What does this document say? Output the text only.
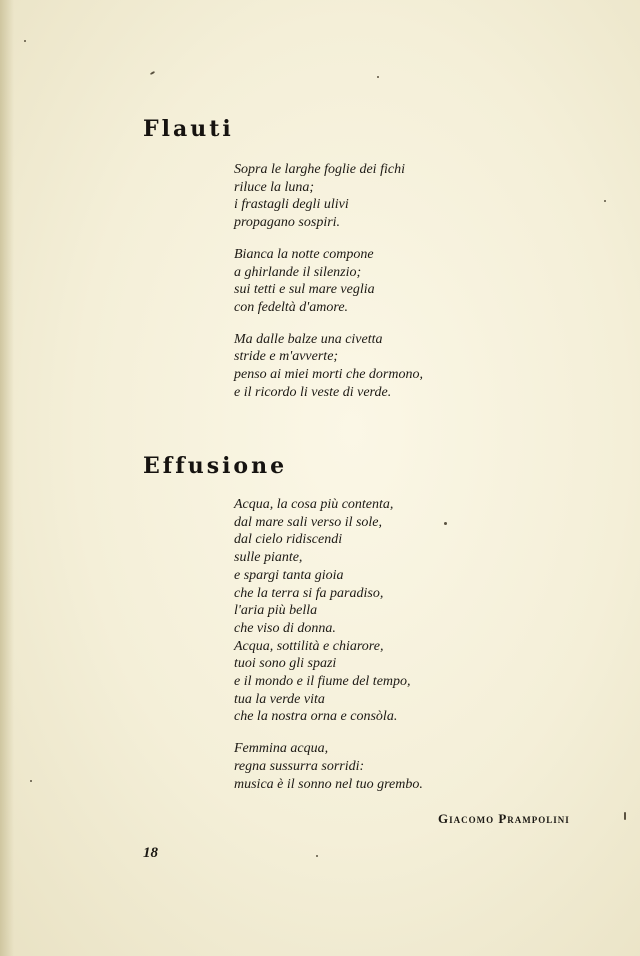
Flauti
Sopra le larghe foglie dei fichi
riluce la luna;
i frastagli degli ulivi
propagano sospiri.
Bianca la notte compone
a ghirlande il silenzio;
sui tetti e sul mare veglia
con fedeltà d'amore.
Ma dalle balze una civetta
stride e m'avverte;
penso ai miei morti che dormono,
e il ricordo li veste di verde.
Effusione
Acqua, la cosa più contenta,
dal mare sali verso il sole,
dal cielo ridiscendi
sulle piante,
e spargi tanta gioia
che la terra si fa paradiso,
l'aria più bella
che viso di donna.
Acqua, sottilità e chiarore,
tuoi sono gli spazi
e il mondo e il fiume del tempo,
tua la verde vita
che la nostra orna e consòla.
Femmina acqua,
regna sussurra sorridi:
musica è il sonno nel tuo grembo.
Giacomo Prampolini
18
